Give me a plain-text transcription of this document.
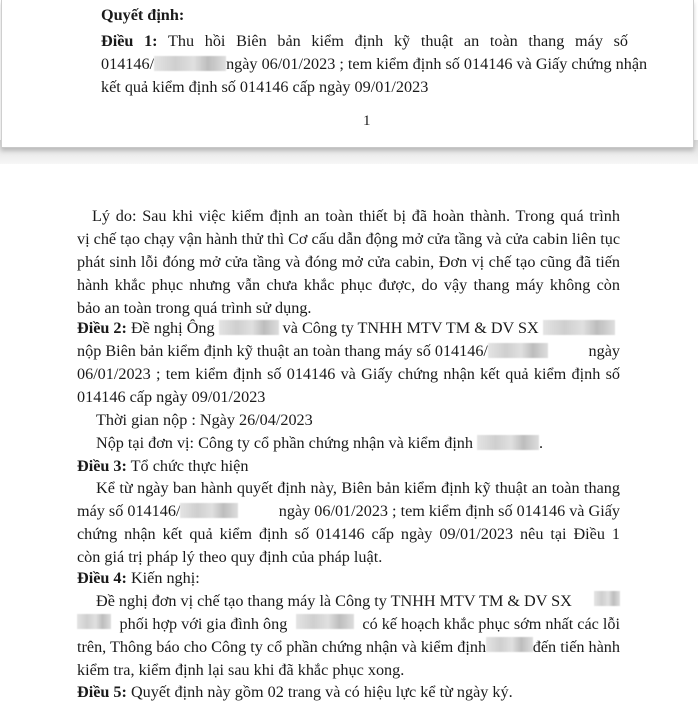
Quyết định:
Điều 1: Thu hồi Biên bản kiểm định kỹ thuật an toàn thang máy số
014146/	ngày 06/01/2023 ; tem kiểm định số 014146 và Giấy chứng nhận
kết quả kiểm định số 014146 cấp ngày 09/01/2023
1
Lý do: Sau khi việc kiểm định an toàn thiết bị đã hoàn thành. Trong quá trình
vị chế tạo chạy vận hành thử thì Cơ cấu dẫn động mở cửa tầng và cửa cabin liên tục
phát sinh lỗi đóng mở cửa tầng và đóng mở cửa cabin, Đơn vị chế tạo cũng đã tiến
hành khắc phục nhưng vẫn chưa khắc phục được, do vậy thang máy không còn
bảo an toàn trong quá trình sử dụng.
Điều 2: Đề nghị Ông	và Công ty TNHH MTV TM & DV SX
nộp Biên bản kiểm định kỹ thuật an toàn thang máy số 014146/	ngày
06/01/2023 ; tem kiểm định số 014146 và Giấy chứng nhận kết quả kiểm định số
014146 cấp ngày 09/01/2023
Thời gian nộp : Ngày 26/04/2023
Nộp tại đơn vị: Công ty cổ phần chứng nhận và kiểm định	.
Điều 3: Tổ chức thực hiện
Kể từ ngày ban hành quyết định này, Biên bản kiểm định kỹ thuật an toàn thang
máy số 014146/	ngày 06/01/2023 ; tem kiểm định số 014146 và Giấy
chứng nhận kết quả kiểm định số 014146 cấp ngày 09/01/2023 nêu tại Điều 1
còn giá trị pháp lý theo quy định của pháp luật.
Điều 4: Kiến nghị:
Đề nghị đơn vị chế tạo thang máy là Công ty TNHH MTV TM & DV SX
phối hợp với gia đình ông	có kế hoạch khắc phục sớm nhất các lỗi
trên, Thông báo cho Công ty cổ phần chứng nhận và kiểm định	đến tiến hành
kiểm tra, kiểm định lại sau khi đã khắc phục xong.
Điều 5: Quyết định này gồm 02 trang và có hiệu lực kể từ ngày ký.
